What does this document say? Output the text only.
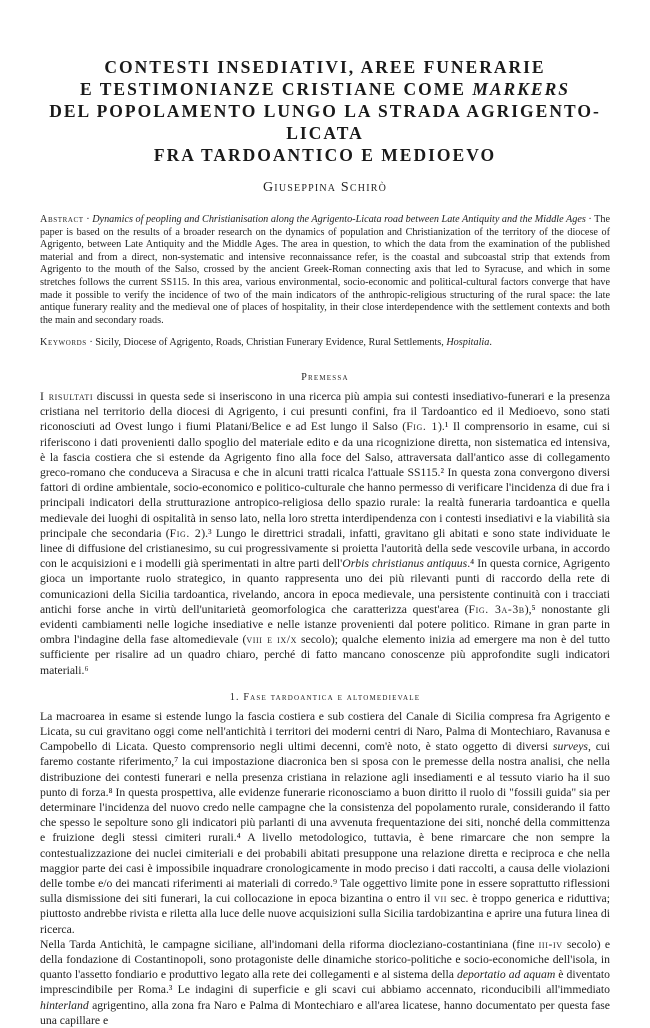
CONTESTI INSEDIATIVI, AREE FUNERARIE
E TESTIMONIANZE CRISTIANE COME MARKERS
DEL POPOLAMENTO LUNGO LA STRADA AGRIGENTO-LICATA
FRA TARDOANTICO E MEDIOEVO
Giuseppina Schirò

Abstract · Dynamics of peopling and Christianisation along the Agrigento-Licata road between Late Antiquity and the Middle Ages · The paper is based on the results of a broader research on the dynamics of population and Christianization of the territory of the diocese of Agrigento, between Late Antiquity and the Middle Ages. The area in question, to which the data from the examination of the published material and from a direct, non-systematic and intensive reconnaissance refer, is the coastal and subcoastal strip that extends from Agrigento to the mouth of the Salso, crossed by the ancient Greek-Roman connecting axis that led to Syracuse, and which in some stretches follows the current SS115. In this area, various environmental, socio-economic and political-cultural factors converge that have made it possible to verify the incidence of two of the main indicators of the anthropic-religious structuring of the rural space: the late antique funerary reality and the medieval one of places of hospitality, in their close interdependence with the settlement contexts and both the main and secondary roads.

Keywords · Sicily, Diocese of Agrigento, Roads, Christian Funerary Evidence, Rural Settlements, Hospitalia.

Premessa

I risultati discussi in questa sede si inseriscono in una ricerca più ampia sui contesti insediativo-funerari e la presenza cristiana nel territorio della diocesi di Agrigento, i cui presunti confini, fra il Tardoantico ed il Medioevo, sono stati riconosciuti ad Ovest lungo i fiumi Platani/Belice e ad Est lungo il Salso (Fig. 1).¹ Il comprensorio in esame, cui si riferiscono i dati provenienti dallo spoglio del materiale edito e da una ricognizione diretta, non sistematica ed intensiva, è la fascia costiera che si estende da Agrigento fino alla foce del Salso, attraversata dall'antico asse di collegamento greco-romano che conduceva a Siracusa e che in alcuni tratti ricalca l'attuale SS115.² In questa zona convergono diversi fattori di ordine ambientale, socio-economico e politico-culturale che hanno permesso di verificare l'incidenza di due fra i principali indicatori della strutturazione antropico-religiosa dello spazio rurale: la realtà funeraria tardoantica e quella medievale dei luoghi di ospitalità in senso lato, nella loro stretta interdipendenza con i contesti insediativi e la viabilità sia principale che secondaria (Fig. 2).³ Lungo le direttrici stradali, infatti, gravitano gli abitati e sono state individuate le linee di diffusione del cristianesimo, su cui progressivamente si proietta l'autorità della sede vescovile urbana, in accordo con le acquisizioni e i modelli già sperimentati in altre parti dell'Orbis christianus antiquus.⁴ In questa cornice, Agrigento gioca un importante ruolo strategico, in quanto rappresenta uno dei più rilevanti punti di raccordo della rete di comunicazioni della Sicilia tardoantica, rivelando, ancora in epoca medievale, una persistente continuità con i tracciati antichi forse anche in virtù dell'unitarietà geomorfologica che caratterizza quest'area (Fig. 3a-3b),⁵ nonostante gli evidenti cambiamenti nelle logiche insediative e nelle istanze provenienti dal potere politico. Rimane in gran parte in ombra l'indagine della fase altomedievale (viii e ix/x secolo); qualche elemento inizia ad emergere ma non è del tutto sufficiente per risalire ad un quadro chiaro, perché di fatto mancano conoscenze più approfondite sugli indicatori materiali.⁶

1. Fase tardoantica e altomedievale

La macroarea in esame si estende lungo la fascia costiera e sub costiera del Canale di Sicilia compresa fra Agrigento e Licata, su cui gravitano oggi come nell'antichità i territori dei moderni centri di Naro, Palma di Montechiaro, Ravanusa e Campobello di Licata. Questo comprensorio negli ultimi decenni, com'è noto, è stato oggetto di diversi surveys, cui faremo costante riferimento,⁷ la cui impostazione diacronica ben si sposa con le premesse della nostra analisi, che nella distribuzione dei contesti funerari e nella presenza cristiana in relazione agli insediamenti e al tessuto viario ha il suo punto di forza.⁸ In questa prospettiva, alle evidenze funerarie riconosciamo a buon diritto il ruolo di "fossili guida" sia per determinare l'incidenza del nuovo credo nelle campagne che la consistenza del popolamento rurale, considerando il fatto che spesso le sepolture sono gli indicatori più parlanti di una avvenuta frequentazione dei siti, nonché della committenza e fruizione degli stessi cimiteri rurali.⁴ A livello metodologico, tuttavia, è bene rimarcare che non sempre la contestualizzazione dei nuclei cimiteriali e dei probabili abitati presuppone una relazione diretta e reciproca e che nella maggior parte dei casi è impossibile inquadrare cronologicamente in modo preciso i dati raccolti, a causa delle violazioni delle tombe e/o dei mancati riferimenti ai materiali di corredo.⁹ Tale oggettivo limite pone in essere soprattutto riflessioni sulla dismissione dei siti funerari, la cui collocazione in epoca bizantina o entro il vii sec. è troppo generica e riduttiva; piuttosto andrebbe rivista e riletta alla luce delle nuove acquisizioni sulla Sicilia tardobizantina e aprire una futura linea di ricerca.

Nella Tarda Antichità, le campagne siciliane, all'indomani della riforma diocleziano-costantiniana (fine iii-iv secolo) e della fondazione di Costantinopoli, sono protagoniste delle dinamiche storico-politiche e socio-economiche dell'isola, in quanto l'assetto fondiario e produttivo legato alla rete dei collegamenti e al sistema della deportatio ad aquam è diventato imprescindibile per Roma.³ Le indagini di superficie e gli scavi cui abbiamo accennato, riconducibili all'immediato hinterland agrigentino, alla zona fra Naro e Palma di Montechiaro e all'area licatese, hanno documentato per questa fase una capillare e
